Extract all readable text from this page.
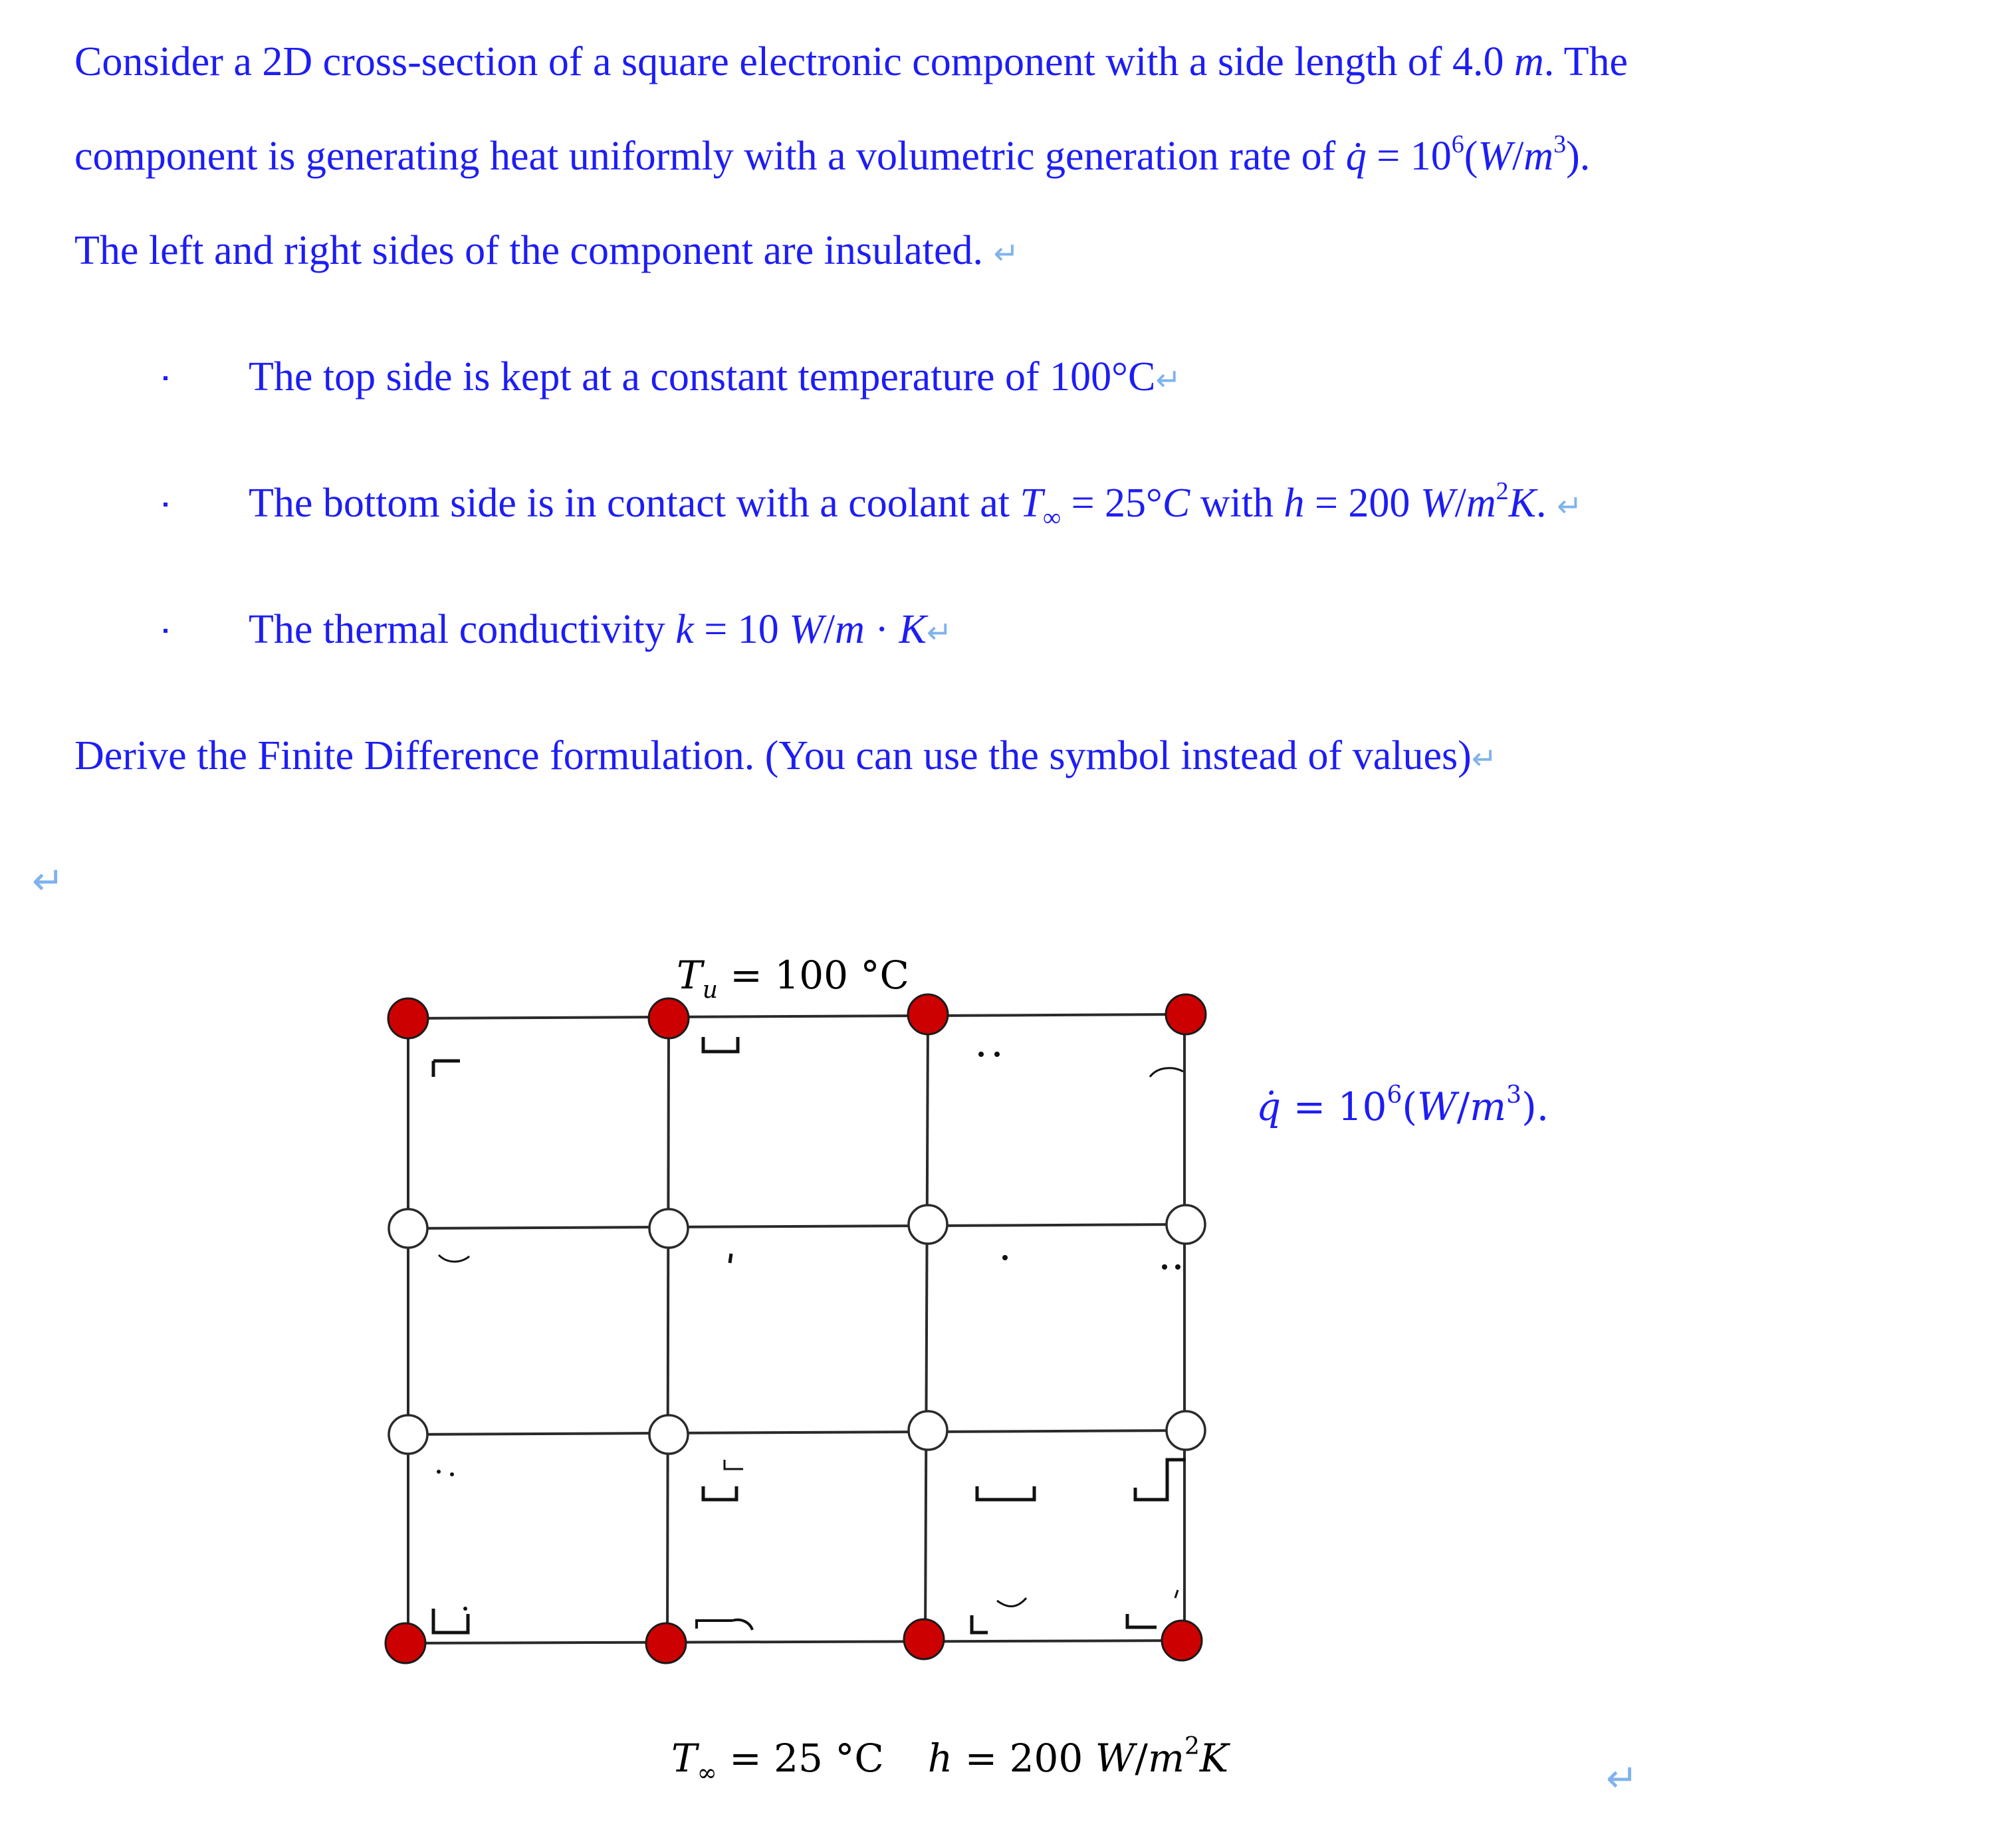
Consider a 2D cross-section of a square electronic component with a side length of 4.0 m. The
component is generating heat uniformly with a volumetric generation rate of q̇ = $10^6(W/m^3)$.
The left and right sides of the component are insulated. ↵
The top side is kept at a constant temperature of 100°C↵
The bottom side is in contact with a coolant at $T_\infty = 25^\circ C$ with h = 200 $W/m^2K$. ↵
The thermal conductivity k = 10 W/m · K↵
Derive the Finite Difference formulation. (You can use the symbol instead of values)↵
↵
↵
$T_u = 100$ °C
q̇ = $10^6(W/m^3)$.
$T_\infty = 25$ °C h = 200 $W/m^2K$
